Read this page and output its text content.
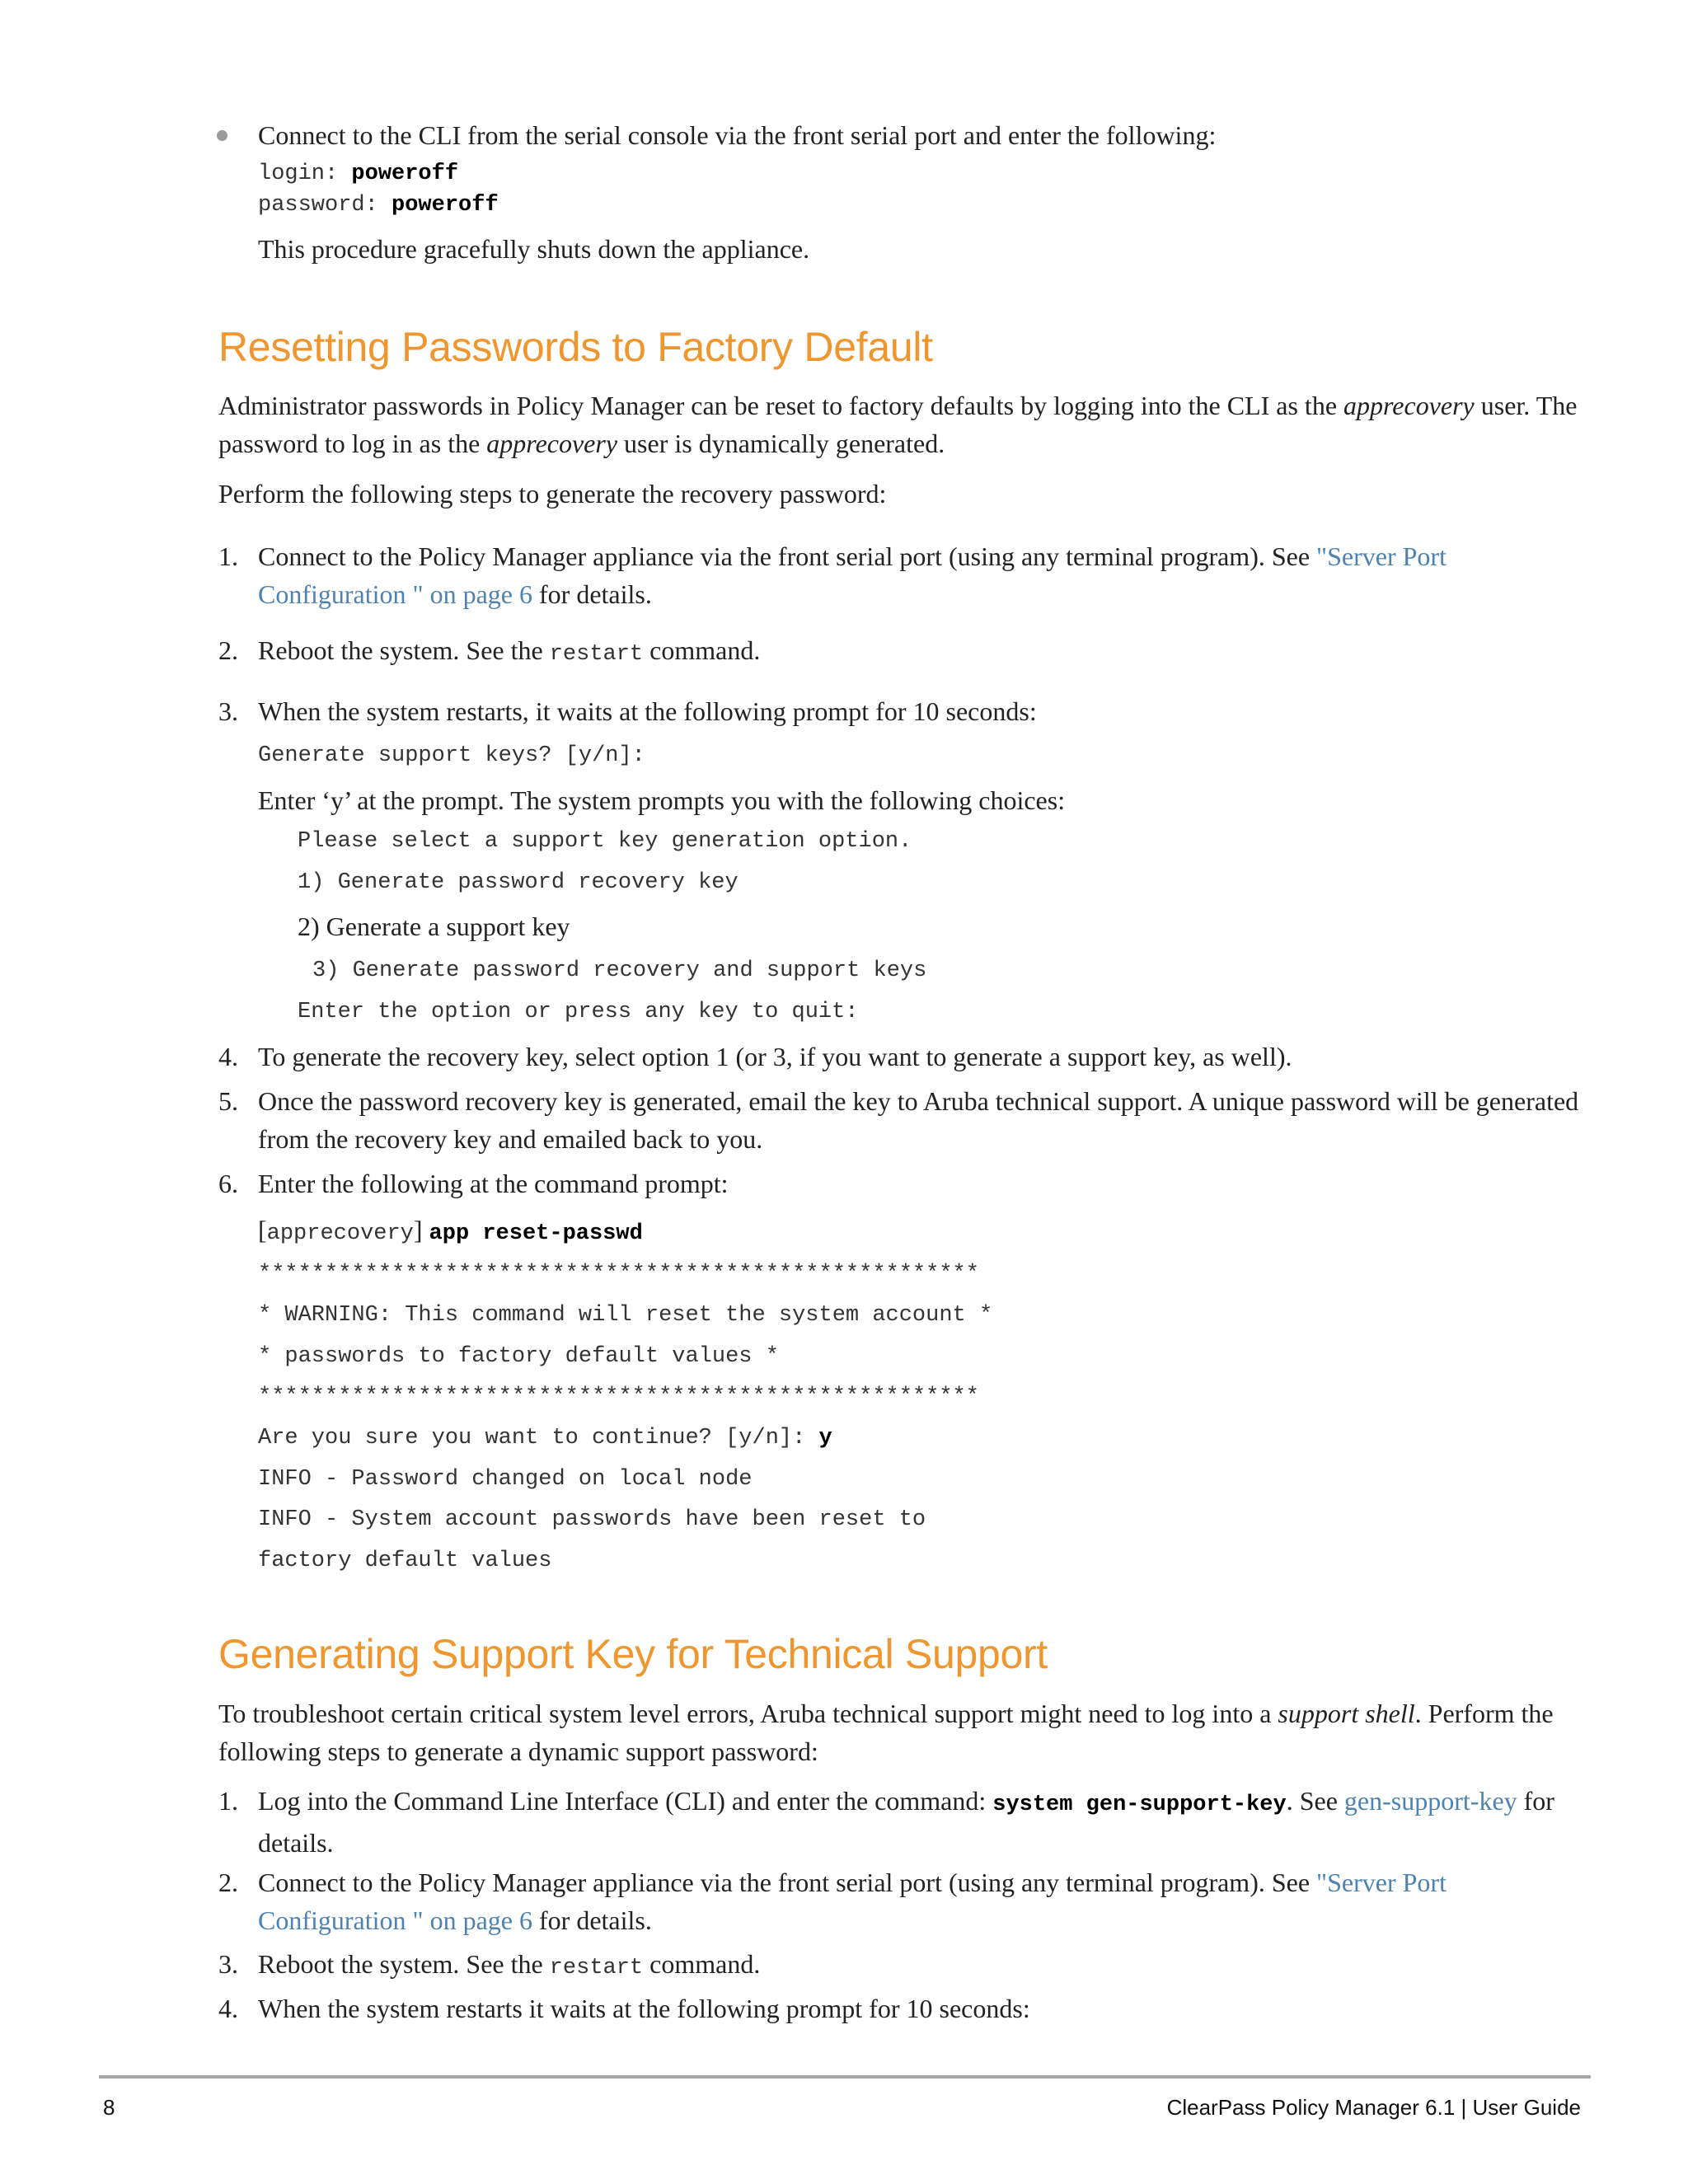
Connect to the CLI from the serial console via the front serial port and enter the following:
login: poweroff
password: poweroff
This procedure gracefully shuts down the appliance.
Resetting Passwords to Factory Default
Administrator passwords in Policy Manager can be reset to factory defaults by logging into the CLI as the apprecovery user. The password to log in as the apprecovery user is dynamically generated.
Perform the following steps to generate the recovery password:
1. Connect to the Policy Manager appliance via the front serial port (using any terminal program). See "Server Port Configuration " on page 6 for details.
2. Reboot the system. See the restart command.
3. When the system restarts, it waits at the following prompt for 10 seconds:
Generate support keys? [y/n]:
Enter ‘y’ at the prompt. The system prompts you with the following choices:
Please select a support key generation option.
1) Generate password recovery key
2) Generate a support key
3) Generate password recovery and support keys
Enter the option or press any key to quit:
4. To generate the recovery key, select option 1 (or 3, if you want to generate a support key, as well).
5. Once the password recovery key is generated, email the key to Aruba technical support. A unique password will be generated from the recovery key and emailed back to you.
6. Enter the following at the command prompt:
[apprecovery] app reset-passwd
******************************************************
* WARNING: This command will reset the system account *
* passwords to factory default values *
******************************************************
Are you sure you want to continue? [y/n]: y
INFO - Password changed on local node
INFO - System account passwords have been reset to
factory default values
Generating Support Key for Technical Support
To troubleshoot certain critical system level errors, Aruba technical support might need to log into a support shell. Perform the following steps to generate a dynamic support password:
1. Log into the Command Line Interface (CLI) and enter the command: system gen-support-key. See gen-support-key for details.
2. Connect to the Policy Manager appliance via the front serial port (using any terminal program). See "Server Port Configuration " on page 6 for details.
3. Reboot the system. See the restart command.
4. When the system restarts it waits at the following prompt for 10 seconds:
8	ClearPass Policy Manager 6.1 | User Guide
